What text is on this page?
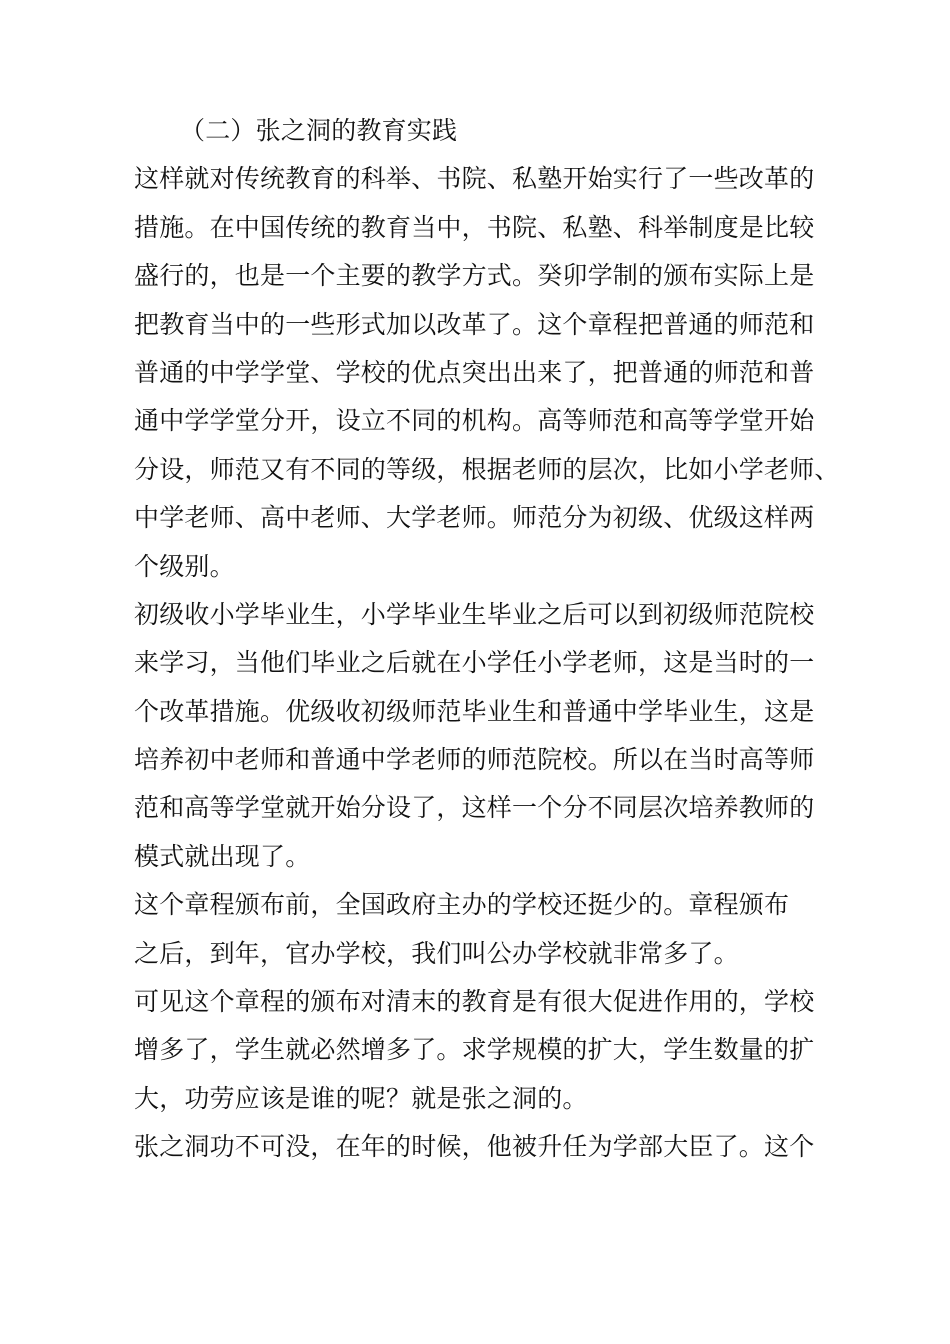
（二）张之洞的教育实践
这样就对传统教育的科举、书院、私塾开始实行了一些改革的
措施。在中国传统的教育当中，书院、私塾、科举制度是比较
盛行的，也是一个主要的教学方式。癸卯学制的颁布实际上是
把教育当中的一些形式加以改革了。这个章程把普通的师范和
普通的中学学堂、学校的优点突出出来了，把普通的师范和普
通中学学堂分开，设立不同的机构。高等师范和高等学堂开始
分设，师范又有不同的等级，根据老师的层次，比如小学老师、
中学老师、高中老师、大学老师。师范分为初级、优级这样两
个级别。
初级收小学毕业生，小学毕业生毕业之后可以到初级师范院校
来学习，当他们毕业之后就在小学任小学老师，这是当时的一
个改革措施。优级收初级师范毕业生和普通中学毕业生，这是
培养初中老师和普通中学老师的师范院校。所以在当时高等师
范和高等学堂就开始分设了，这样一个分不同层次培养教师的
模式就出现了。
这个章程颁布前，全国政府主办的学校还挺少的。章程颁布
之后，到年，官办学校，我们叫公办学校就非常多了。
可见这个章程的颁布对清末的教育是有很大促进作用的，学校
增多了，学生就必然增多了。求学规模的扩大，学生数量的扩
大，功劳应该是谁的呢？就是张之洞的。
张之洞功不可没，在年的时候，他被升任为学部大臣了。这个
